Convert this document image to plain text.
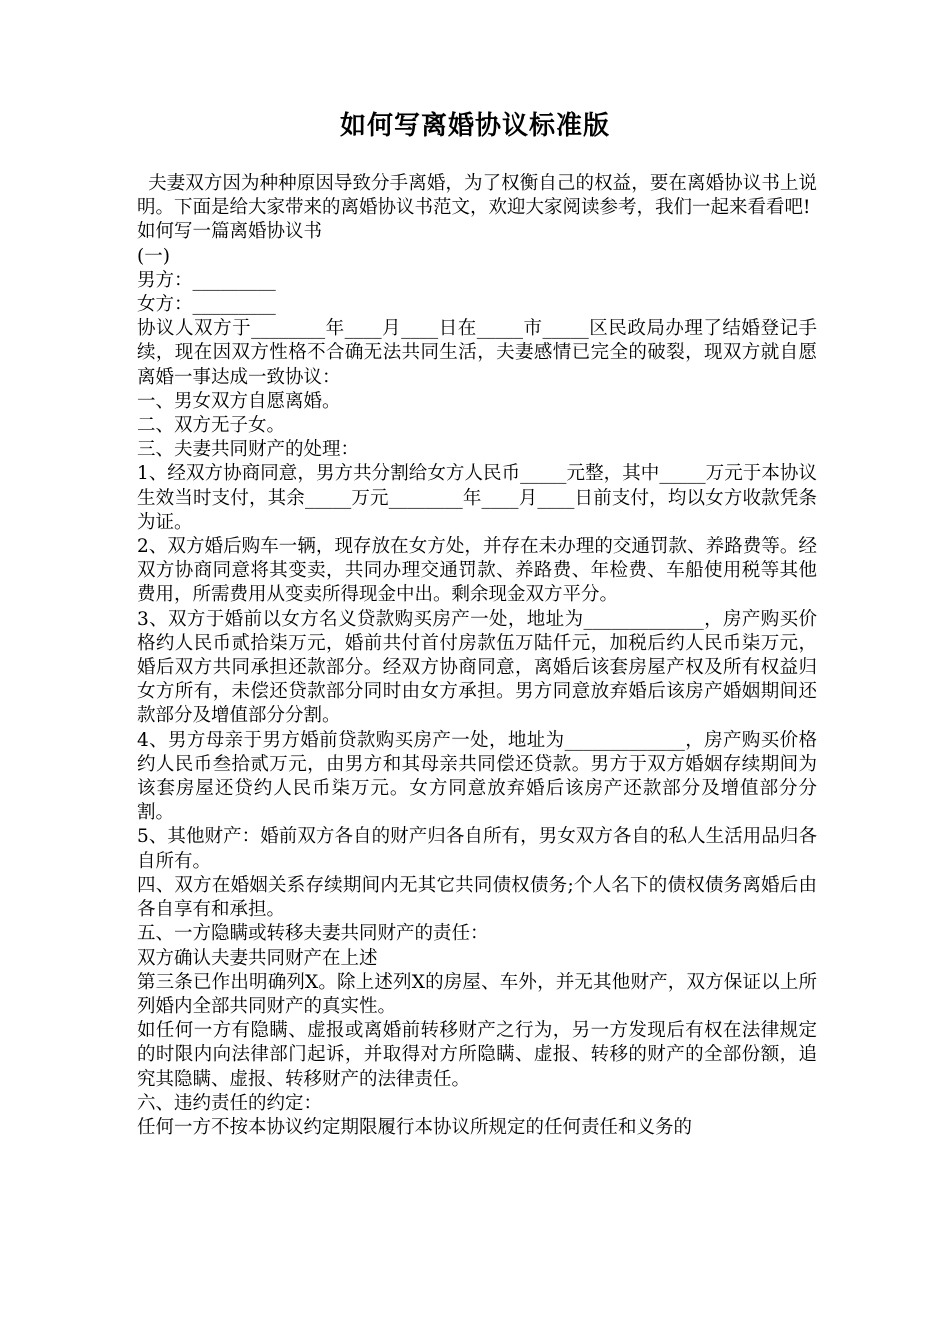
如何写离婚协议标准版

夫妻双方因为种种原因导致分手离婚，为了权衡自己的权益，要在离婚协议书上说明。下面是给大家带来的离婚协议书范文，欢迎大家阅读参考，我们一起来看看吧!

如何写一篇离婚协议书

(一)

男方：_________

女方：_________

协议人双方于________年____月____日在_____市_____区民政局办理了结婚登记手续，现在因双方性格不合确无法共同生活，夫妻感情已完全的破裂，现双方就自愿离婚一事达成一致协议：

一、男女双方自愿离婚。

二、双方无子女。

三、夫妻共同财产的处理：

1、经双方协商同意，男方共分割给女方人民币_____元整，其中_____万元于本协议生效当时支付，其余_____万元________年____月____日前支付，均以女方收款凭条为证。

2、双方婚后购车一辆，现存放在女方处，并存在未办理的交通罚款、养路费等。经双方协商同意将其变卖，共同办理交通罚款、养路费、年检费、车船使用税等其他费用，所需费用从变卖所得现金中出。剩余现金双方平分。

3、双方于婚前以女方名义贷款购买房产一处，地址为_____________，房产购买价格约人民币贰拾柒万元，婚前共付首付房款伍万陆仟元，加税后约人民币柒万元，婚后双方共同承担还款部分。经双方协商同意，离婚后该套房屋产权及所有权益归女方所有，未偿还贷款部分同时由女方承担。男方同意放弃婚后该房产婚姻期间还款部分及增值部分分割。

4、男方母亲于男方婚前贷款购买房产一处，地址为_____________，房产购买价格约人民币叁拾贰万元，由男方和其母亲共同偿还贷款。男方于双方婚姻存续期间为该套房屋还贷约人民币柒万元。女方同意放弃婚后该房产还款部分及增值部分分割。

5、其他财产：婚前双方各自的财产归各自所有，男女双方各自的私人生活用品归各自所有。

四、双方在婚姻关系存续期间内无其它共同债权债务;个人名下的债权债务离婚后由各自享有和承担。

五、一方隐瞒或转移夫妻共同财产的责任：

双方确认夫妻共同财产在上述

第三条已作出明确列X。除上述列X的房屋、车外，并无其他财产，双方保证以上所列婚内全部共同财产的真实性。

如任何一方有隐瞒、虚报或离婚前转移财产之行为，另一方发现后有权在法律规定的时限内向法律部门起诉，并取得对方所隐瞒、虚报、转移的财产的全部份额，追究其隐瞒、虚报、转移财产的法律责任。

六、违约责任的约定：

任何一方不按本协议约定期限履行本协议所规定的任何责任和义务的
